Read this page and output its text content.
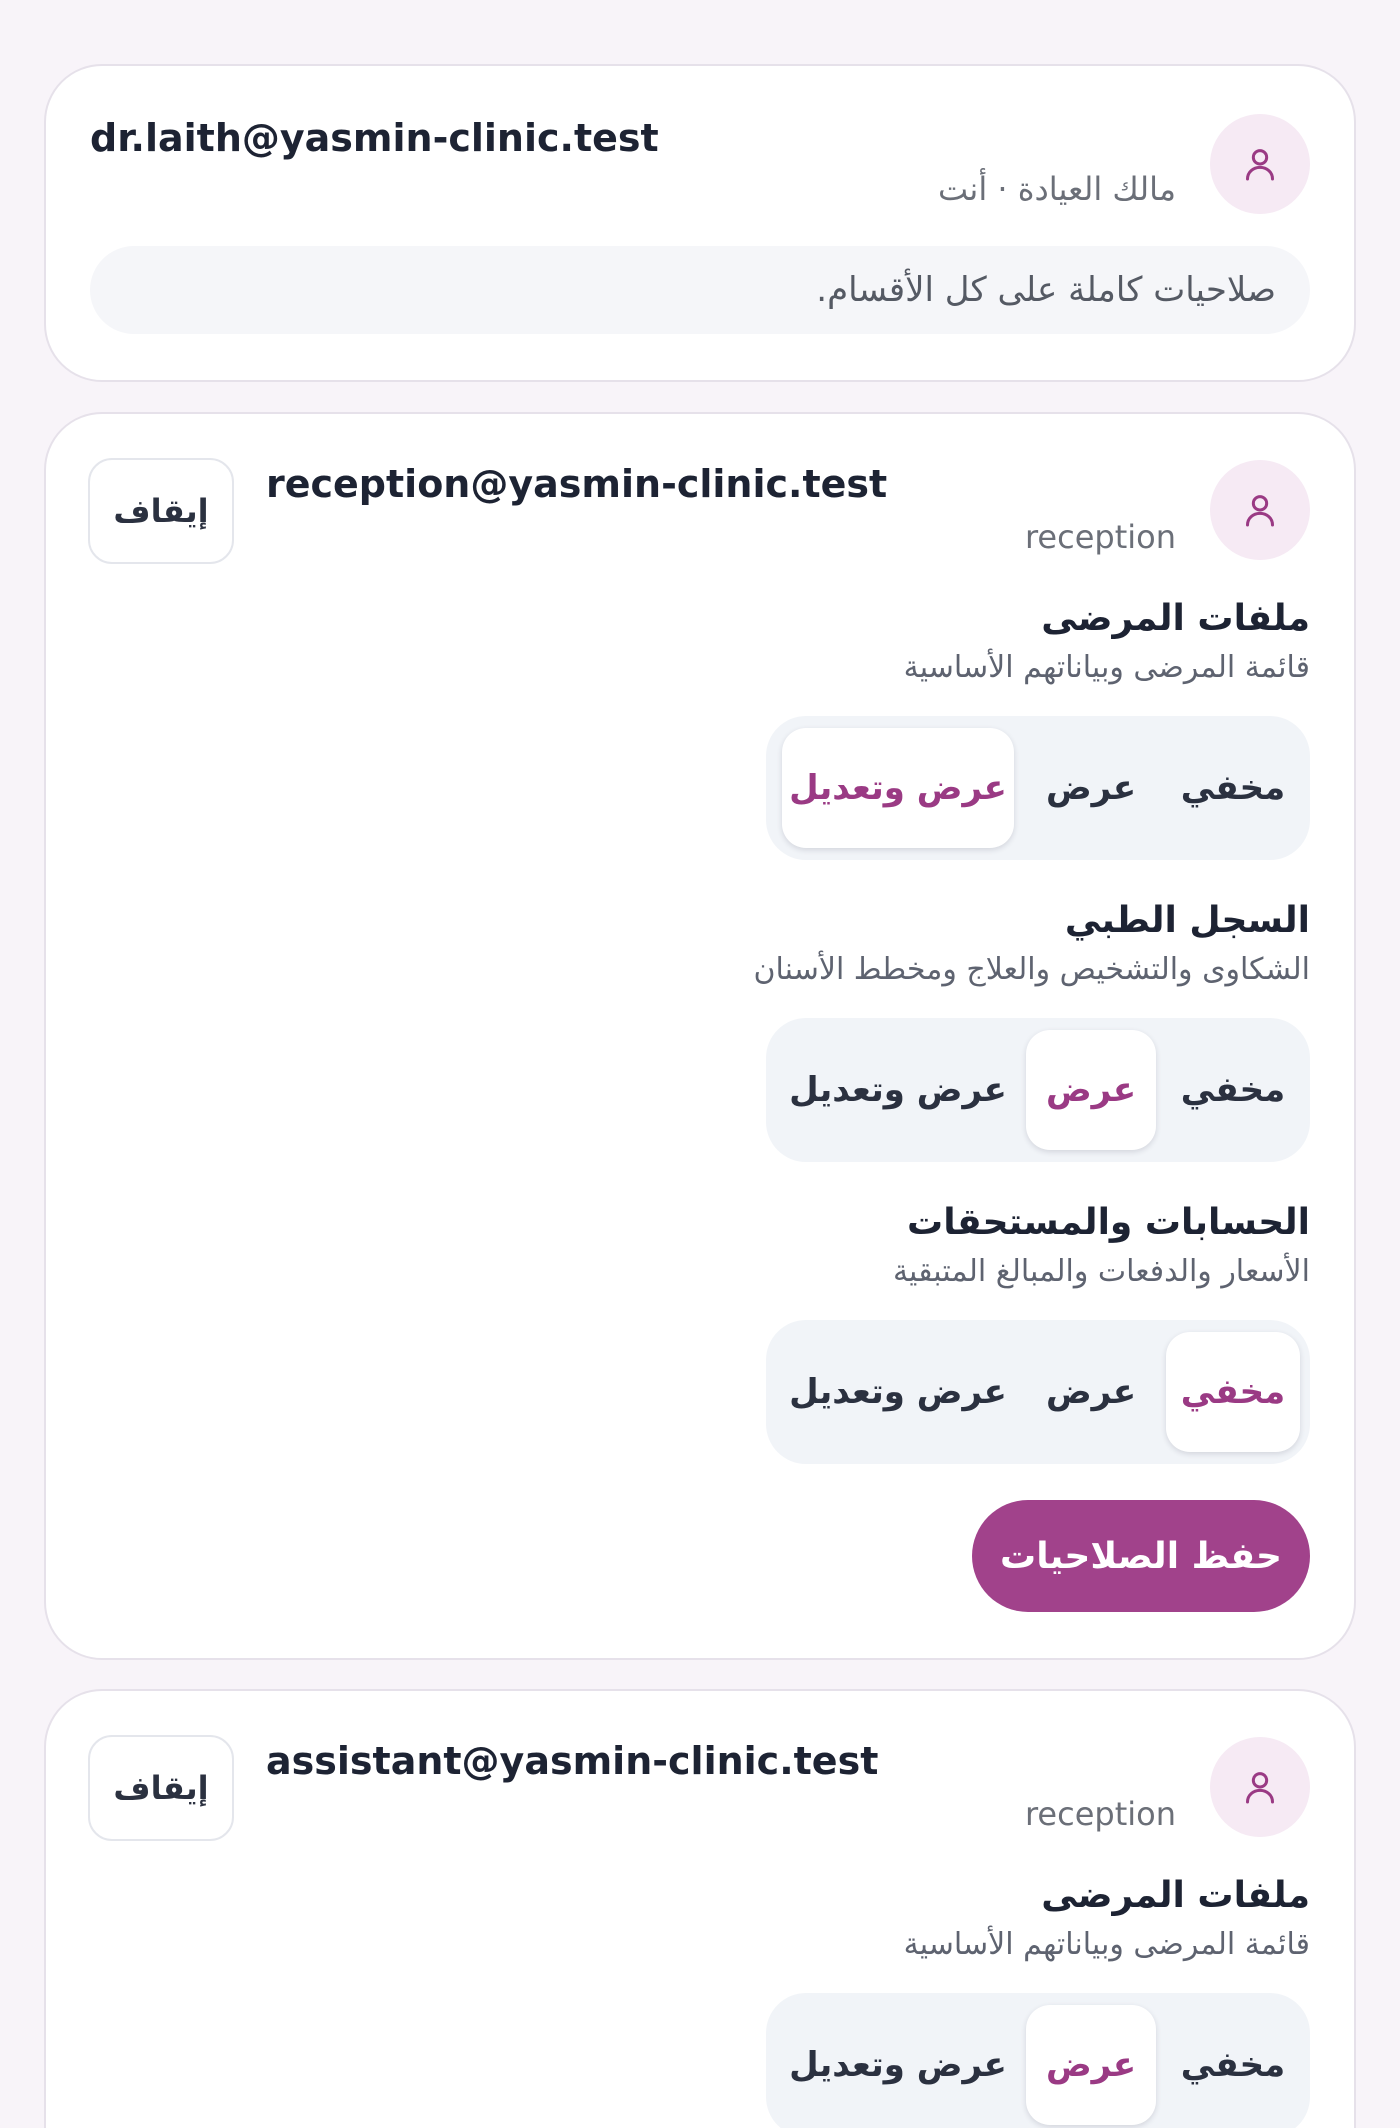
dr.laith@yasmin-clinic.test
مالك العيادة · أنت
صلاحيات كاملة على كل الأقسام.
إيقاف
reception@yasmin-clinic.test
reception
ملفات المرضى
قائمة المرضى وبياناتهم الأساسية
مخفي
عرض
عرض وتعديل
السجل الطبي
الشكاوى والتشخيص والعلاج ومخطط الأسنان
مخفي
عرض
عرض وتعديل
الحسابات والمستحقات
الأسعار والدفعات والمبالغ المتبقية
مخفي
عرض
عرض وتعديل
حفظ الصلاحيات
إيقاف
assistant@yasmin-clinic.test
reception
ملفات المرضى
قائمة المرضى وبياناتهم الأساسية
مخفي
عرض
عرض وتعديل
